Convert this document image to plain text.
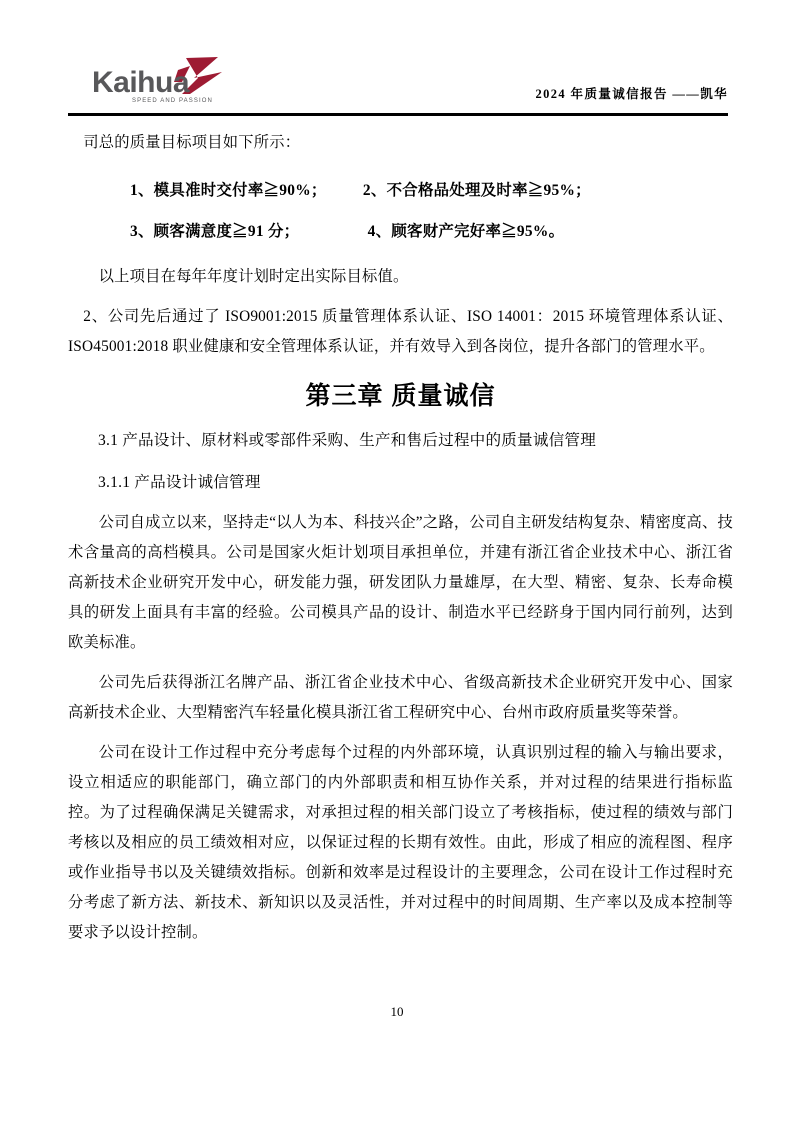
Kaihua
SPEED AND PASSION	2024 年质量诚信报告 ——凯华

司总的质量目标项目如下所示：

1、模具准时交付率≧90%； 2、不合格品处理及时率≧95%；
3、顾客满意度≧91 分；	4、顾客财产完好率≧95%。

以上项目在每年年度计划时定出实际目标值。

2、公司先后通过了 ISO9001:2015 质量管理体系认证、ISO 14001：2015 环境管理体系认证、ISO45001:2018 职业健康和安全管理体系认证，并有效导入到各岗位，提升各部门的管理水平。

第三章 质量诚信

3.1 产品设计、原材料或零部件采购、生产和售后过程中的质量诚信管理

3.1.1 产品设计诚信管理

公司自成立以来，坚持走“以人为本、科技兴企”之路，公司自主研发结构复杂、精密度高、技术含量高的高档模具。公司是国家火炬计划项目承担单位，并建有浙江省企业技术中心、浙江省高新技术企业研究开发中心，研发能力强，研发团队力量雄厚，在大型、精密、复杂、长寿命模具的研发上面具有丰富的经验。公司模具产品的设计、制造水平已经跻身于国内同行前列，达到欧美标准。

公司先后获得浙江名牌产品、浙江省企业技术中心、省级高新技术企业研究开发中心、国家高新技术企业、大型精密汽车轻量化模具浙江省工程研究中心、台州市政府质量奖等荣誉。

公司在设计工作过程中充分考虑每个过程的内外部环境，认真识别过程的输入与输出要求，设立相适应的职能部门，确立部门的内外部职责和相互协作关系，并对过程的结果进行指标监控。为了过程确保满足关键需求，对承担过程的相关部门设立了考核指标，使过程的绩效与部门考核以及相应的员工绩效相对应，以保证过程的长期有效性。由此，形成了相应的流程图、程序或作业指导书以及关键绩效指标。创新和效率是过程设计的主要理念，公司在设计工作过程时充分考虑了新方法、新技术、新知识以及灵活性，并对过程中的时间周期、生产率以及成本控制等要求予以设计控制。

10
